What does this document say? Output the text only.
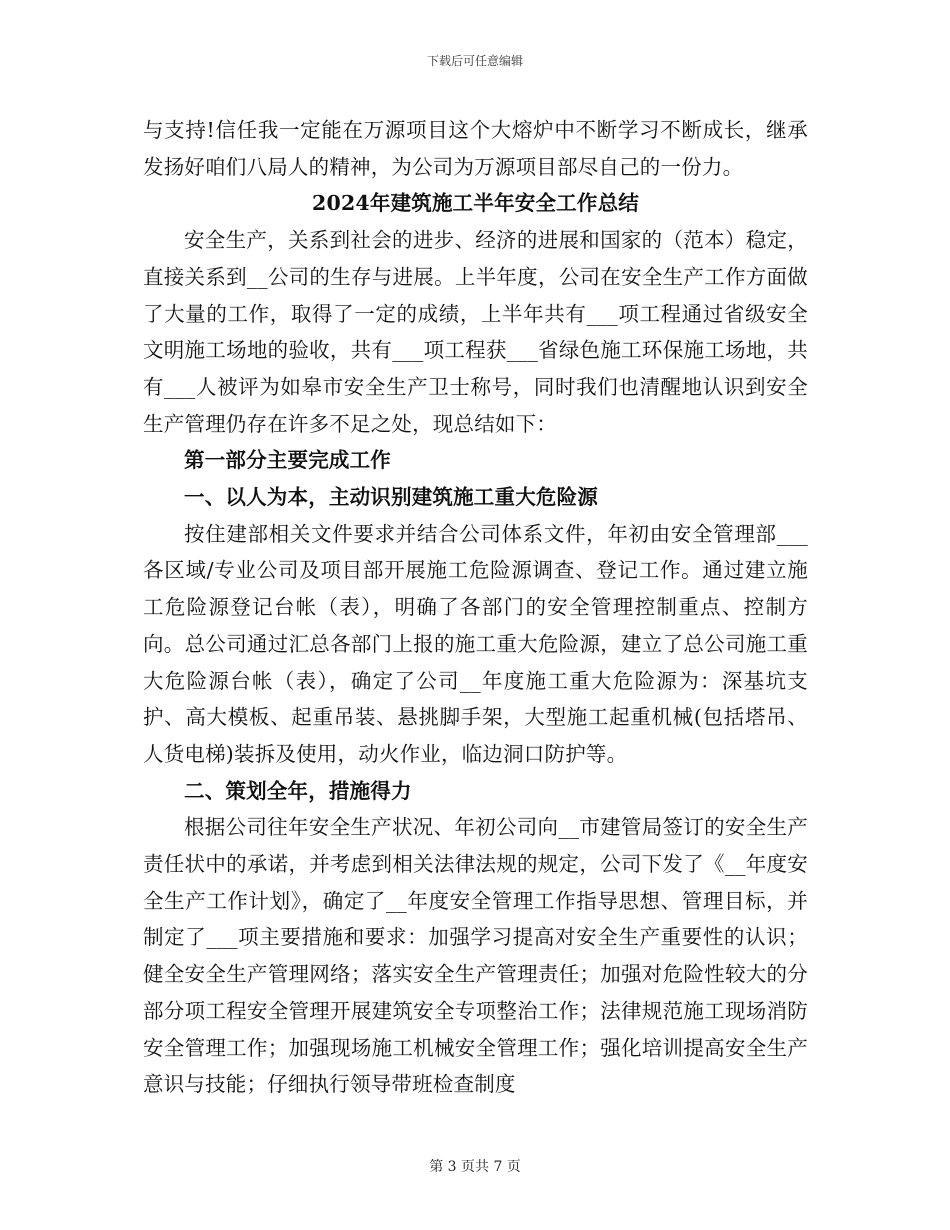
下载后可任意编辑

与支持!信任我一定能在万源项目这个大熔炉中不断学习不断成长，继承发扬好咱们八局人的精神，为公司为万源项目部尽自己的一份力。

2024年建筑施工半年安全工作总结

安全生产，关系到社会的进步、经济的进展和国家的（范本）稳定，直接关系到__公司的生存与进展。上半年度，公司在安全生产工作方面做了大量的工作，取得了一定的成绩，上半年共有___项工程通过省级安全文明施工场地的验收，共有___项工程获___省绿色施工环保施工场地，共有___人被评为如皋市安全生产卫士称号，同时我们也清醒地认识到安全生产管理仍存在许多不足之处，现总结如下：

第一部分主要完成工作

一、以人为本，主动识别建筑施工重大危险源

按住建部相关文件要求并结合公司体系文件，年初由安全管理部___各区域/专业公司及项目部开展施工危险源调查、登记工作。通过建立施工危险源登记台帐（表），明确了各部门的安全管理控制重点、控制方向。总公司通过汇总各部门上报的施工重大危险源，建立了总公司施工重大危险源台帐（表），确定了公司__年度施工重大危险源为：深基坑支护、高大模板、起重吊装、悬挑脚手架，大型施工起重机械(包括塔吊、人货电梯)装拆及使用，动火作业，临边洞口防护等。

二、策划全年，措施得力

根据公司往年安全生产状况、年初公司向__市建管局签订的安全生产责任状中的承诺，并考虑到相关法律法规的规定，公司下发了《__年度安全生产工作计划》，确定了__年度安全管理工作指导思想、管理目标，并制定了___项主要措施和要求：加强学习提高对安全生产重要性的认识；健全安全生产管理网络；落实安全生产管理责任；加强对危险性较大的分部分项工程安全管理开展建筑安全专项整治工作；法律规范施工现场消防安全管理工作；加强现场施工机械安全管理工作；强化培训提高安全生产意识与技能；仔细执行领导带班检查制度

第 3 页共 7 页
